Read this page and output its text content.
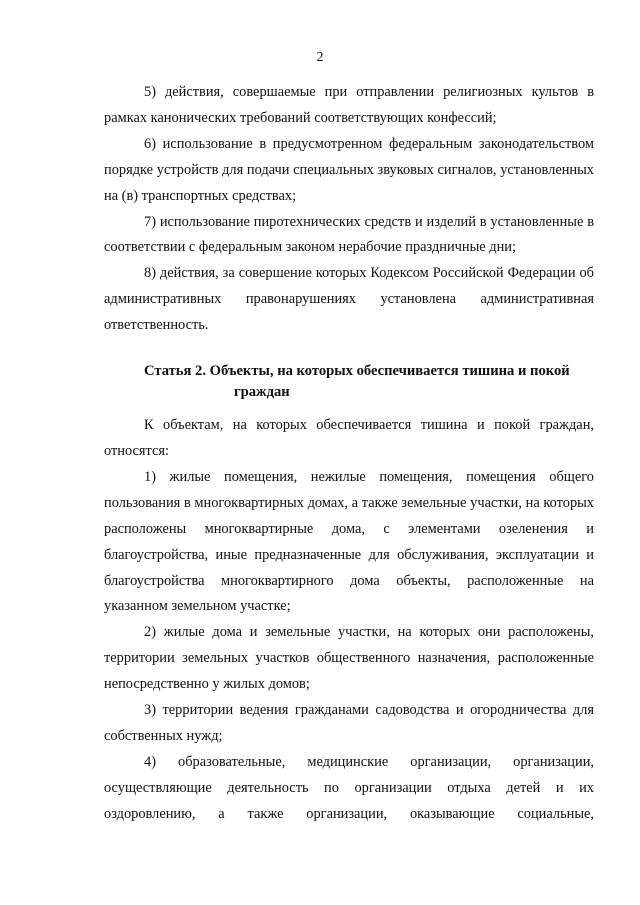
2

5) действия, совершаемые при отправлении религиозных культов в рамках канонических требований соответствующих конфессий;

6) использование в предусмотренном федеральным законодательством порядке устройств для подачи специальных звуковых сигналов, установленных на (в) транспортных средствах;

7) использование пиротехнических средств и изделий в установленные в соответствии с федеральным законом нерабочие праздничные дни;

8) действия, за совершение которых Кодексом Российской Федерации об административных правонарушениях установлена административная ответственность.

Статья 2. Объекты, на которых обеспечивается тишина и покой
граждан

К объектам, на которых обеспечивается тишина и покой граждан, относятся:

1) жилые помещения, нежилые помещения, помещения общего пользования в многоквартирных домах, а также земельные участки, на которых расположены многоквартирные дома, с элементами озеленения и благоустройства, иные предназначенные для обслуживания, эксплуатации и благоустройства многоквартирного дома объекты, расположенные на указанном земельном участке;

2) жилые дома и земельные участки, на которых они расположены, территории земельных участков общественного назначения, расположенные непосредственно у жилых домов;

3) территории ведения гражданами садоводства и огородничества для собственных нужд;

4) образовательные, медицинские организации, организации, осуществляющие деятельность по организации отдыха детей и их оздоровлению, а также организации, оказывающие социальные,
